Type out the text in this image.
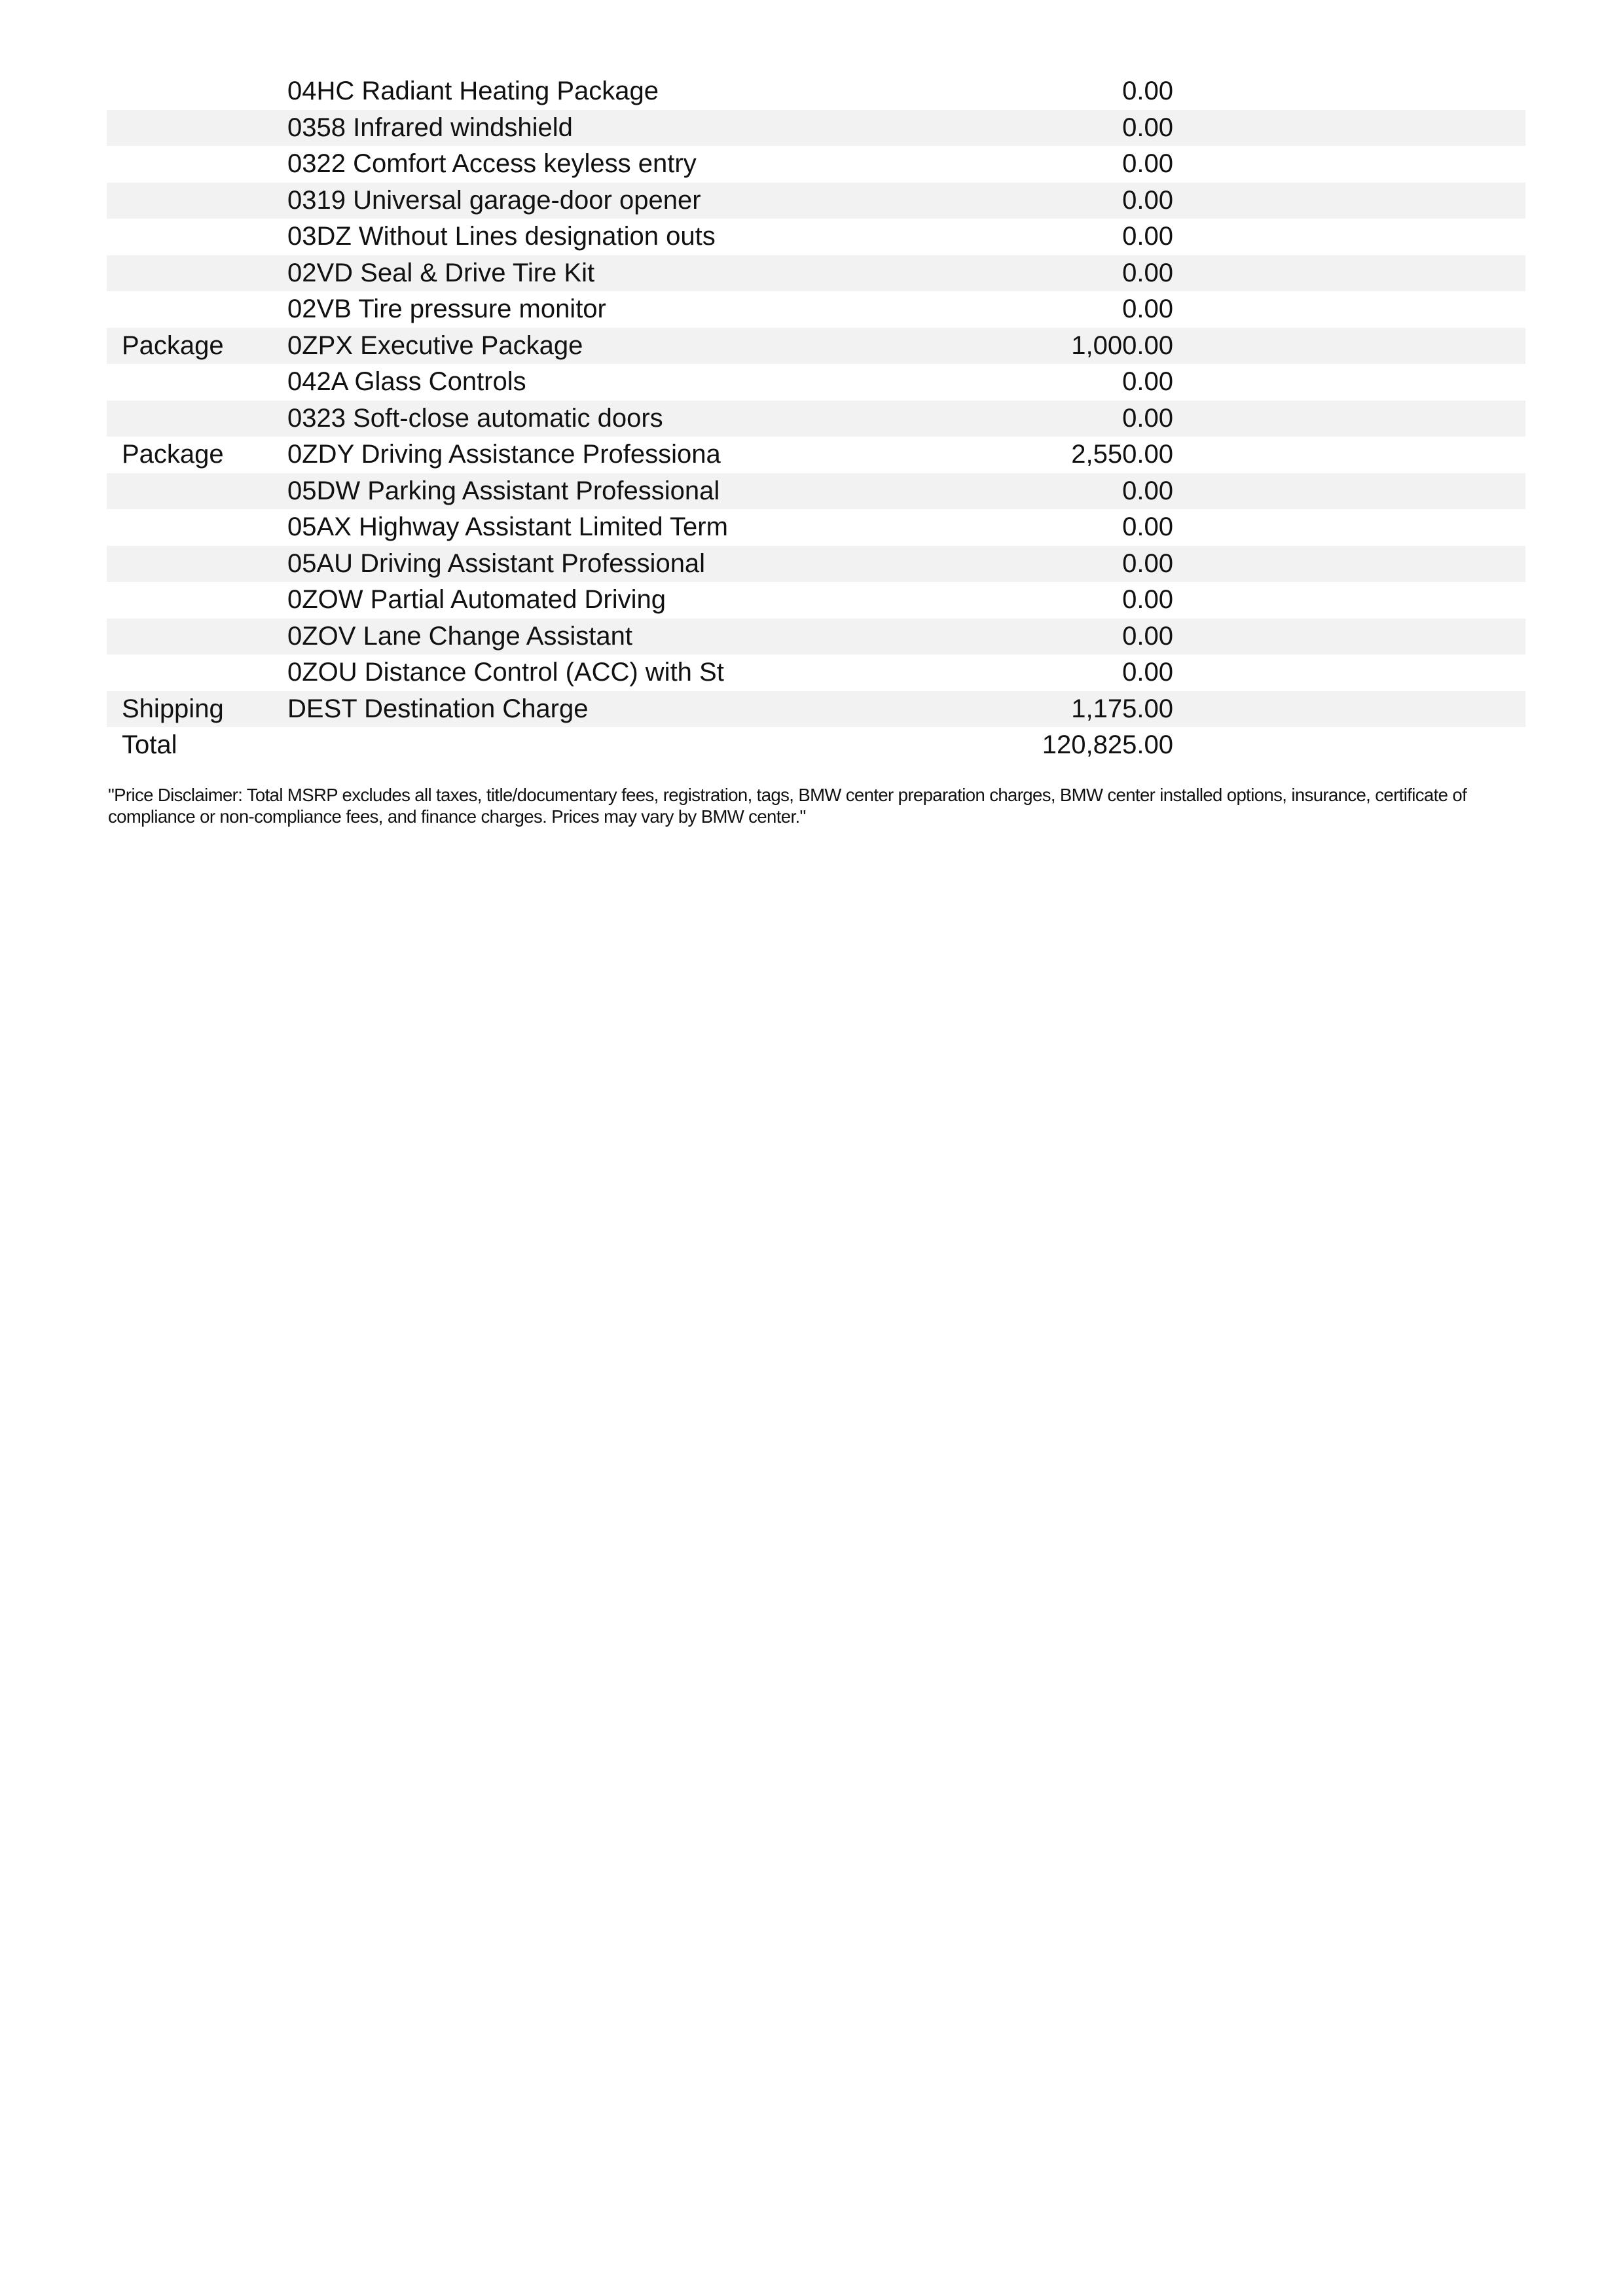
04HC Radiant Heating Package	0.00
0358 Infrared windshield	0.00
0322 Comfort Access keyless entry	0.00
0319 Universal garage-door opener	0.00
03DZ Without Lines designation outs	0.00
02VD Seal & Drive Tire Kit	0.00
02VB Tire pressure monitor	0.00
Package 0ZPX Executive Package	1,000.00
042A Glass Controls	0.00
0323 Soft-close automatic doors	0.00
Package 0ZDY Driving Assistance Professiona	2,550.00
05DW Parking Assistant Professional	0.00
05AX Highway Assistant Limited Term	0.00
05AU Driving Assistant Professional	0.00
0ZOW Partial Automated Driving	0.00
0ZOV Lane Change Assistant	0.00
0ZOU Distance Control (ACC) with St	0.00
Shipping DEST Destination Charge	1,175.00
Total	120,825.00
"Price Disclaimer: Total MSRP excludes all taxes, title/documentary fees, registration, tags, BMW center preparation charges, BMW center installed options, insurance, certificate of compliance or non-compliance fees, and finance charges. Prices may vary by BMW center."
